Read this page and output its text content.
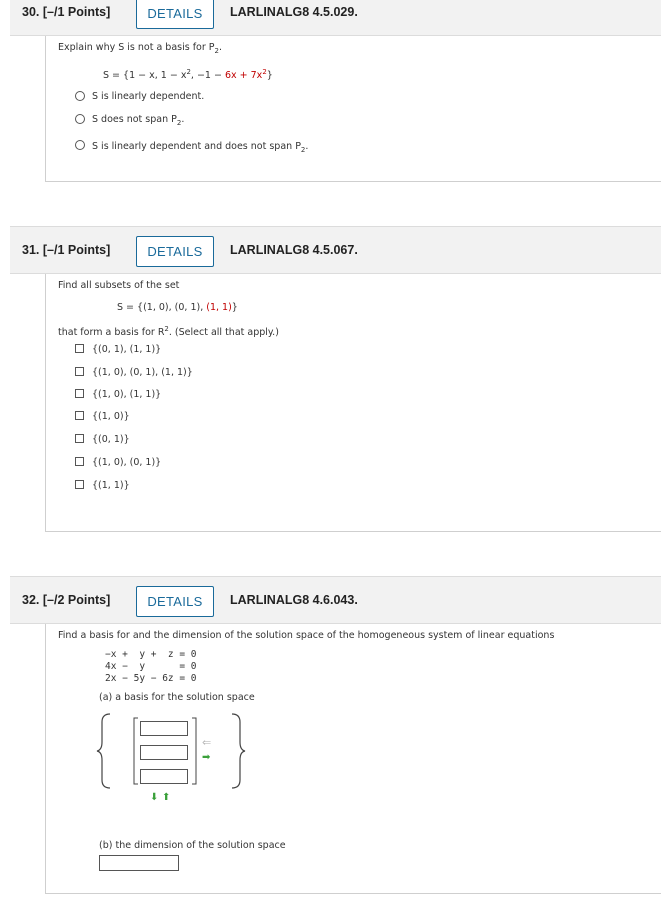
30. [–/1 Points]	DETAILS	LARLINALG8 4.5.029.
Explain why S is not a basis for $P_2$.
S = {1 − x, $1 - x^2$, $-1 - 6x + 7x^2$}
S is linearly dependent.
S does not span $P_2$.
S is linearly dependent and does not span $P_2$.
31. [–/1 Points]	DETAILS	LARLINALG8 4.5.067.
Find all subsets of the set
S = {(1, 0), (0, 1), (1, 1)}
that form a basis for $R^2$. (Select all that apply.)
{(0, 1), (1, 1)}
{(1, 0), (0, 1), (1, 1)}
{(1, 0), (1, 1)}
{(1, 0)}
{(0, 1)}
{(1, 0), (0, 1)}
{(1, 1)}
32. [–/2 Points]	DETAILS	LARLINALG8 4.6.043.
Find a basis for and the dimension of the solution space of the homogeneous system of linear equations
−x +  y +  z = 0
4x −  y      = 0
2x − 5y − 6z = 0
(a) a basis for the solution space
⇐
➡
⬇ ⬆
(b) the dimension of the solution space
